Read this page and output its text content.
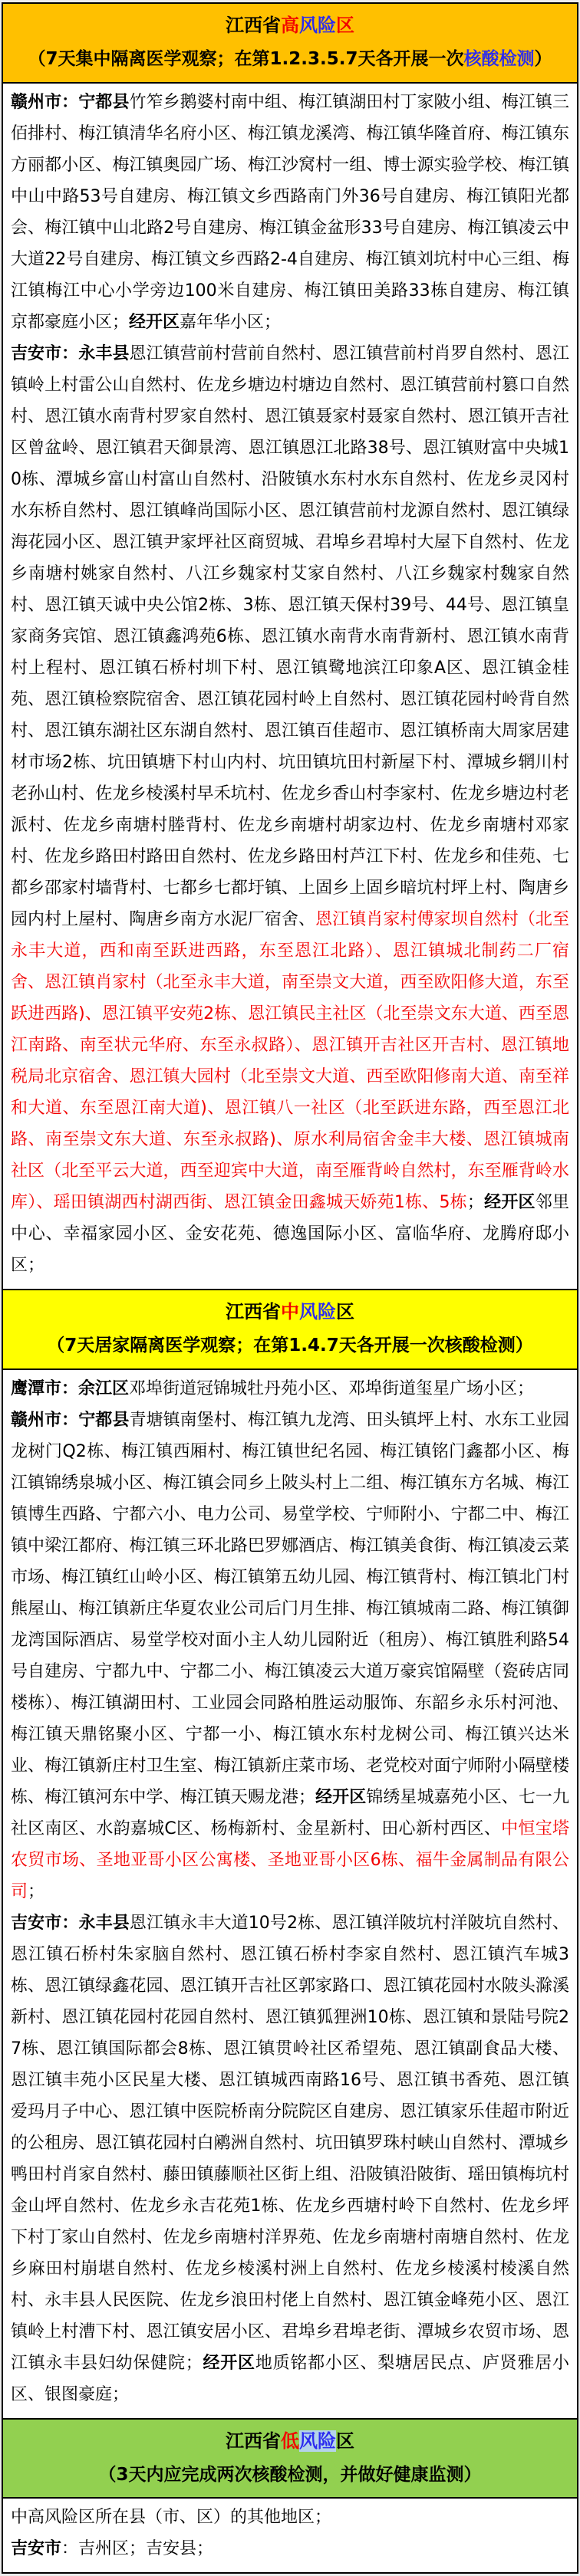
江西省高风险区
（7天集中隔离医学观察；在第1.2.3.5.7天各开展一次核酸检测）

赣州市：宁都县竹笮乡鹅婆村南中组、梅江镇湖田村丁家陂小组、梅江镇三佰排村、梅江镇清华名府小区、梅江镇龙溪湾、梅江镇华隆首府、梅江镇东方丽都小区、梅江镇奥园广场、梅江沙窝村一组、博士源实验学校、梅江镇中山中路53号自建房、梅江镇文乡西路南门外36号自建房、梅江镇阳光都会、梅江镇中山北路2号自建房、梅江镇金盆形33号自建房、梅江镇凌云中大道22号自建房、梅江镇文乡西路2-4自建房、梅江镇刘坑村中心三组、梅江镇梅江中心小学旁边100米自建房、梅江镇田美路33栋自建房、梅江镇京都豪庭小区；经开区嘉年华小区；

吉安市：永丰县恩江镇营前村营前自然村、恩江镇营前村肖罗自然村、恩江镇岭上村雷公山自然村、佐龙乡塘边村塘边自然村、恩江镇营前村篡口自然村、恩江镇水南背村罗家自然村、恩江镇聂家村聂家自然村、恩江镇开吉社区曾盆岭、恩江镇君天御景湾、恩江镇恩江北路38号、恩江镇财富中央城10栋、潭城乡富山村富山自然村、沿陂镇水东村水东自然村、佐龙乡灵冈村水东桥自然村、恩江镇峰尚国际小区、恩江镇营前村龙源自然村、恩江镇绿海花园小区、恩江镇尹家坪社区商贸城、君埠乡君埠村大屋下自然村、佐龙乡南塘村姚家自然村、八江乡魏家村艾家自然村、八江乡魏家村魏家自然村、恩江镇天诚中央公馆2栋、3栋、恩江镇天保村39号、44号、恩江镇皇家商务宾馆、恩江镇鑫鸿苑6栋、恩江镇水南背水南背新村、恩江镇水南背村上程村、恩江镇石桥村圳下村、恩江镇鹭地滨江印象A区、恩江镇金桂苑、恩江镇检察院宿舍、恩江镇花园村岭上自然村、恩江镇花园村岭背自然村、恩江镇东湖社区东湖自然村、恩江镇百佳超市、恩江镇桥南大周家居建材市场2栋、坑田镇塘下村山内村、坑田镇坑田村新屋下村、潭城乡辋川村老孙山村、佐龙乡棱溪村早禾坑村、佐龙乡香山村李家村、佐龙乡塘边村老派村、佐龙乡南塘村塍背村、佐龙乡南塘村胡家边村、佐龙乡南塘村邓家村、佐龙乡路田村路田自然村、佐龙乡路田村芦江下村、佐龙乡和佳苑、七都乡邵家村墙背村、七都乡七都圩镇、上固乡上固乡暗坑村坪上村、陶唐乡园内村上屋村、陶唐乡南方水泥厂宿舍、恩江镇肖家村傅家坝自然村（北至永丰大道，西和南至跃进西路，东至恩江北路）、恩江镇城北制药二厂宿舍、恩江镇肖家村（北至永丰大道，南至崇文大道，西至欧阳修大道，东至跃进西路)、恩江镇平安苑2栋、恩江镇民主社区（北至崇文东大道、西至恩江南路、南至状元华府、东至永叔路）、恩江镇开吉社区开吉村、恩江镇地税局北京宿舍、恩江镇大园村（北至崇文大道、西至欧阳修南大道、南至祥和大道、东至恩江南大道)、恩江镇八一社区（北至跃进东路，西至恩江北路、南至崇文东大道、东至永叔路)、原水利局宿舍金丰大楼、恩江镇城南社区（北至平云大道，西至迎宾中大道，南至雁背岭自然村，东至雁背岭水库）、瑶田镇湖西村湖西街、恩江镇金田鑫城天娇苑1栋、5栋；经开区邻里中心、幸福家园小区、金安花苑、德逸国际小区、富临华府、龙腾府邸小区；

江西省中风险区
（7天居家隔离医学观察；在第1.4.7天各开展一次核酸检测）

鹰潭市：余江区邓埠街道冠锦城牡丹苑小区、邓埠街道玺星广场小区；

赣州市：宁都县青塘镇南堡村、梅江镇九龙湾、田头镇坪上村、水东工业园龙树门Q2栋、梅江镇西厢村、梅江镇世纪名园、梅江镇铭门鑫都小区、梅江镇锦绣泉城小区、梅江镇会同乡上陂头村上二组、梅江镇东方名城、梅江镇博生西路、宁都六小、电力公司、易堂学校、宁师附小、宁都二中、梅江镇中梁江都府、梅江镇三环北路巴罗娜酒店、梅江镇美食街、梅江镇凌云菜市场、梅江镇红山岭小区、梅江镇第五幼儿园、梅江镇背村、梅江镇北门村熊屋山、梅江镇新庄华夏农业公司后门月生排、梅江镇城南二路、梅江镇御龙湾国际酒店、易堂学校对面小主人幼儿园附近（租房）、梅江镇胜利路54号自建房、宁都九中、宁都二小、梅江镇凌云大道万豪宾馆隔壁（瓷砖店同楼栋）、梅江镇湖田村、工业园会同路柏胜运动服饰、东韶乡永乐村河池、梅江镇天鼎铭聚小区、宁都一小、梅江镇水东村龙树公司、梅江镇兴达米业、梅江镇新庄村卫生室、梅江镇新庄菜市场、老党校对面宁师附小隔壁楼栋、梅江镇河东中学、梅江镇天赐龙港；经开区锦绣星城嘉苑小区、七一九社区南区、水韵嘉城C区、杨梅新村、金星新村、田心新村西区、中恒宝塔农贸市场、圣地亚哥小区公寓楼、圣地亚哥小区6栋、福牛金属制品有限公司；

吉安市：永丰县恩江镇永丰大道10号2栋、恩江镇洋陂坑村洋陂坑自然村、恩江镇石桥村朱家脑自然村、恩江镇石桥村李家自然村、恩江镇汽车城3栋、恩江镇绿鑫花园、恩江镇开吉社区郭家路口、恩江镇花园村水陂头滁溪新村、恩江镇花园村花园自然村、恩江镇狐狸洲10栋、恩江镇和景陆号院27栋、恩江镇国际都会8栋、恩江镇贯岭社区希望苑、恩江镇副食品大楼、恩江镇丰苑小区民星大楼、恩江镇城西南路16号、恩江镇书香苑、恩江镇爱玛月子中心、恩江镇中医院桥南分院院区自建房、恩江镇家乐佳超市附近的公租房、恩江镇花园村白鹇洲自然村、坑田镇罗珠村峡山自然村、潭城乡鸭田村肖家自然村、藤田镇藤顺社区街上组、沿陂镇沿陂街、瑶田镇梅坑村金山坪自然村、佐龙乡永吉花苑1栋、佐龙乡西塘村岭下自然村、佐龙乡坪下村丁家山自然村、佐龙乡南塘村洋界苑、佐龙乡南塘村南塘自然村、佐龙乡麻田村崩堪自然村、佐龙乡棱溪村洲上自然村、佐龙乡棱溪村棱溪自然村、永丰县人民医院、佐龙乡浪田村佬上自然村、恩江镇金峰苑小区、恩江镇岭上村漕下村、恩江镇安居小区、君埠乡君埠老街、潭城乡农贸市场、恩江镇永丰县妇幼保健院；经开区地质铭都小区、梨塘居民点、庐贤雅居小区、银图豪庭；

江西省低风险区
（3天内应完成两次核酸检测，并做好健康监测）

中高风险区所在县（市、区）的其他地区；

吉安市：吉州区；吉安县；
